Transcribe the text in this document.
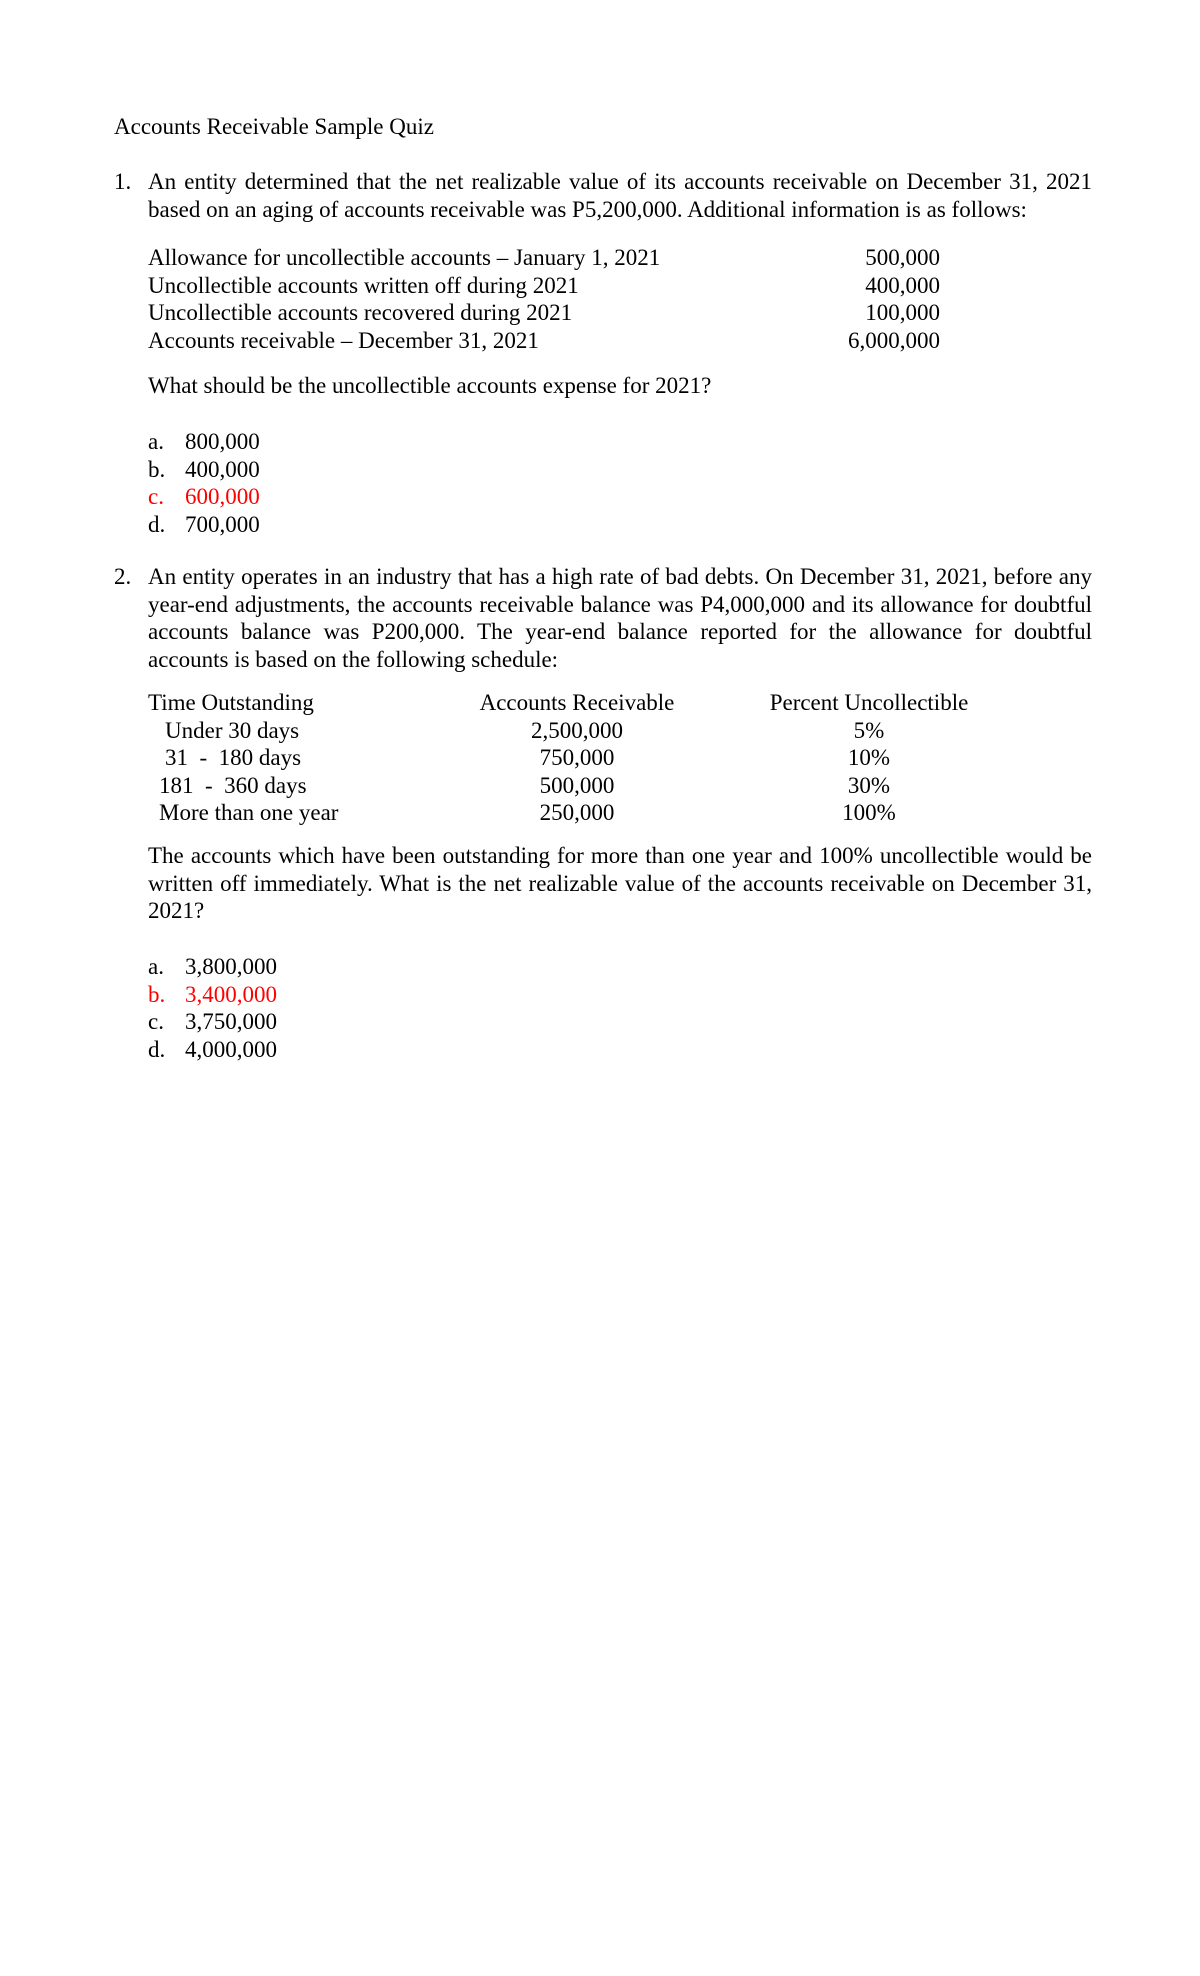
Accounts Receivable Sample Quiz
1. An entity determined that the net realizable value of its accounts receivable on December 31, 2021 based on an aging of accounts receivable was P5,200,000. Additional information is as follows:
Allowance for uncollectible accounts – January 1, 2021	500,000
Uncollectible accounts written off during 2021	400,000
Uncollectible accounts recovered during 2021	100,000
Accounts receivable – December 31, 2021	6,000,000
What should be the uncollectible accounts expense for 2021?
a. 800,000
b. 400,000
c. 600,000
d. 700,000
2. An entity operates in an industry that has a high rate of bad debts. On December 31, 2021, before any year-end adjustments, the accounts receivable balance was P4,000,000 and its allowance for doubtful accounts balance was P200,000. The year-end balance reported for the allowance for doubtful accounts is based on the following schedule:
Time Outstanding	Accounts Receivable	Percent Uncollectible
Under 30 days	2,500,000	5%
31  -  180 days	750,000	10%
181  -  360 days	500,000	30%
More than one year	250,000	100%
The accounts which have been outstanding for more than one year and 100% uncollectible would be written off immediately. What is the net realizable value of the accounts receivable on December 31, 2021?
a. 3,800,000
b. 3,400,000
c. 3,750,000
d. 4,000,000
